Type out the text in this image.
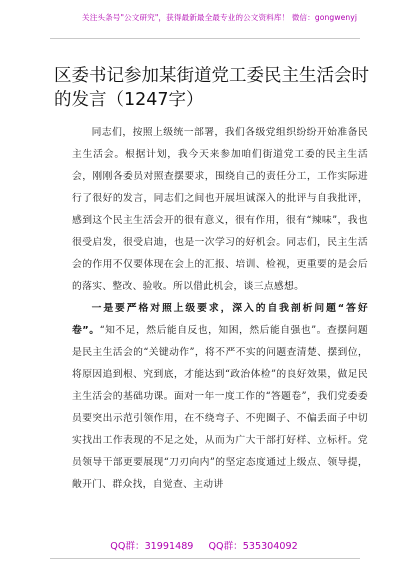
关注头条号"公文研究"，获得最新最全最专业的公文资料库！ 微信：gongwenyj
区委书记参加某街道党工委民主生活会时的发言（1247字）

同志们，按照上级统一部署，我们各级党组织纷纷开始准备民主生活会。根据计划，我今天来参加咱们街道党工委的民主生活会，刚刚各委员对照查摆要求，围绕自己的责任分工，工作实际进行了很好的发言，同志们之间也开展坦诚深入的批评与自我批评，感到这个民主生活会开的很有意义，很有作用，很有“辣味”，我也很受启发，很受启迪，也是一次学习的好机会。同志们，民主生活会的作用不仅要体现在会上的汇报、培训、检视，更重要的是会后的落实、整改、验收。所以借此机会，谈三点感想。

一是要严格对照上级要求，深入的自我剖析问题“答好卷”。“知不足，然后能自反也，知困，然后能自强也”。查摆问题是民主生活会的“关键动作”，将不严不实的问题查清楚、摆到位，将原因追到根、究到底，才能达到“政治体检”的良好效果，做足民主生活会的基础功课。面对一年一度工作的“答题卷”，我们党委委员要突出示范引领作用，在不绕弯子、不兜圈子、不偏丢面子中切实找出工作表现的不足之处，从而为广大干部打好样、立标杆。党员领导干部更要展现“刀刃向内”的坚定态度通过上级点、领导提，敞开门、群众找，自觉查、主动讲

QQ群：31991489 QQ群：535304092
